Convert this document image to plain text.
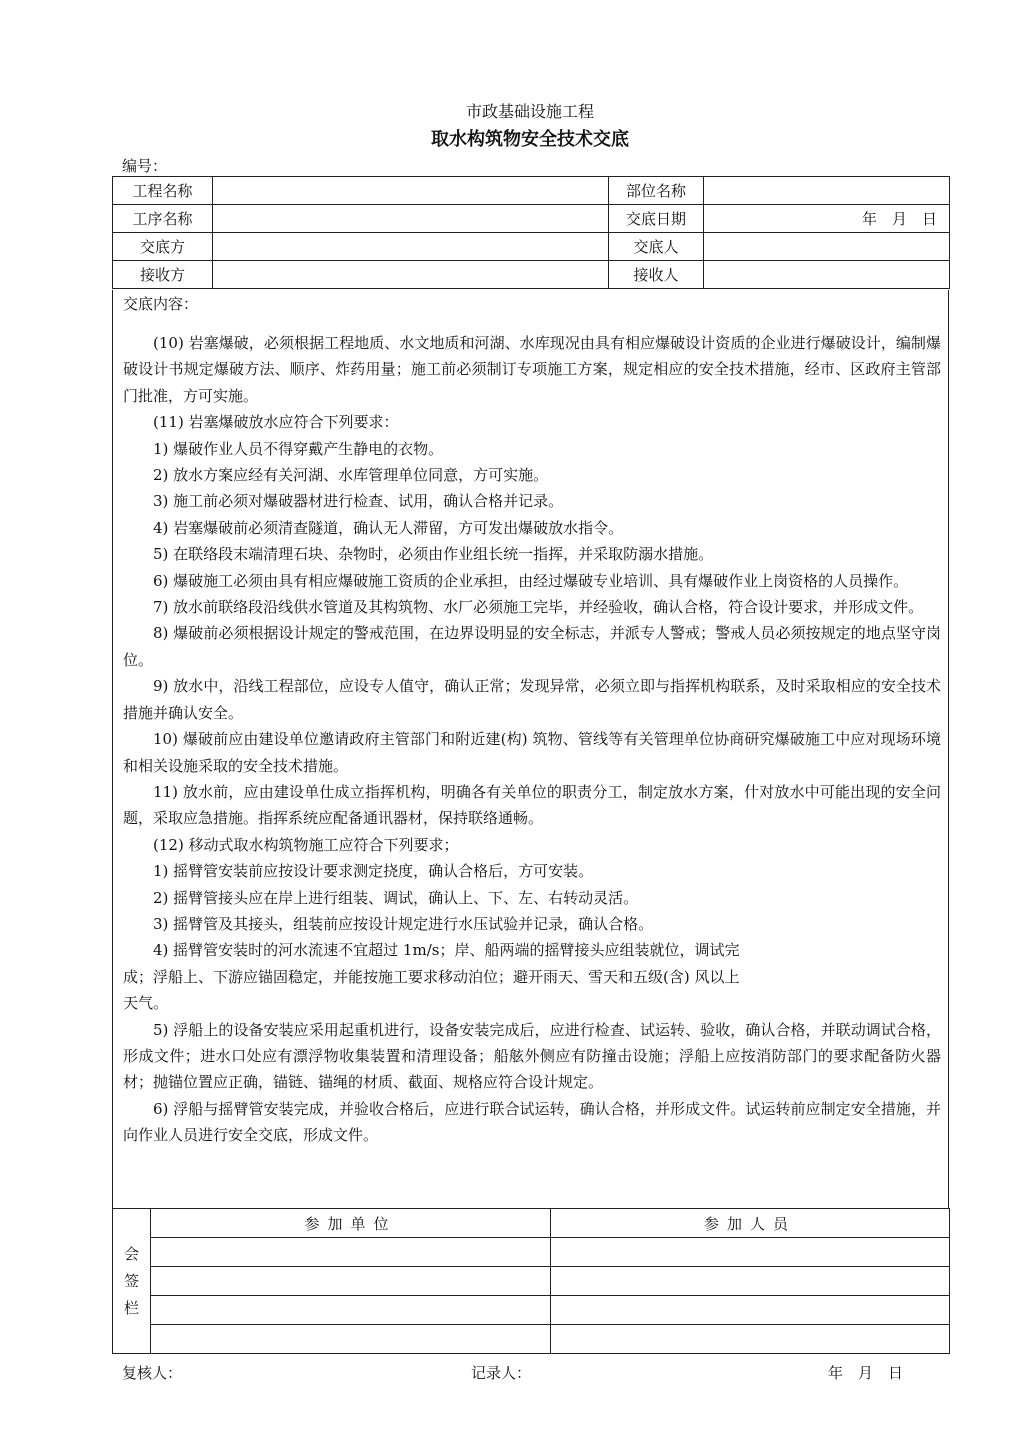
市政基础设施工程
取水构筑物安全技术交底
编号：
工程名称		部位名称	
工序名称		交底日期	年　月　日
交底方		交底人	
接收方		接收人	
交底内容：

(10) 岩塞爆破，必须根据工程地质、水文地质和河湖、水库现况由具有相应爆破设计资质的企业进行爆破设计，编制爆破设计书规定爆破方法、顺序、炸药用量；施工前必须制订专项施工方案，规定相应的安全技术措施，经市、区政府主管部门批准，方可实施。

(11) 岩塞爆破放水应符合下列要求：

1) 爆破作业人员不得穿戴产生静电的衣物。

2) 放水方案应经有关河湖、水库管理单位同意，方可实施。

3) 施工前必须对爆破器材进行检查、试用，确认合格并记录。

4) 岩塞爆破前必须清查隧道，确认无人滞留，方可发出爆破放水指令。

5) 在联络段末端清理石块、杂物时，必须由作业组长统一指挥，并采取防溺水措施。

6) 爆破施工必须由具有相应爆破施工资质的企业承担，由经过爆破专业培训、具有爆破作业上岗资格的人员操作。

7) 放水前联络段沿线供水管道及其构筑物、水厂必须施工完毕，并经验收，确认合格，符合设计要求，并形成文件。

8) 爆破前必须根据设计规定的警戒范围，在边界设明显的安全标志，并派专人警戒；警戒人员必须按规定的地点坚守岗位。

9) 放水中，沿线工程部位，应设专人值守，确认正常；发现异常，必须立即与指挥机构联系，及时采取相应的安全技术措施并确认安全。

10) 爆破前应由建设单位邀请政府主管部门和附近建(构) 筑物、管线等有关管理单位协商研究爆破施工中应对现场环境和相关设施采取的安全技术措施。

11) 放水前，应由建设单仕成立指挥机构，明确各有关单位的职责分工，制定放水方案，什对放水中可能出现的安全问题，采取应急措施。指挥系统应配备通讯器材，保持联络通畅。

(12) 移动式取水构筑物施工应符合下列要求；

1) 摇臂管安装前应按设计要求测定挠度，确认合格后，方可安装。

2) 摇臂管接头应在岸上进行组装、调试，确认上、下、左、右转动灵活。

3) 摇臂管及其接头，组装前应按设计规定进行水压试验并记录，确认合格。

4) 摇臂管安装时的河水流速不宜超过 1m/s；岸、船两端的摇臂接头应组装就位，调试完

成；浮船上、下游应锚固稳定，并能按施工要求移动泊位；避开雨天、雪天和五级(含) 风以上

天气。

5) 浮船上的设备安装应采用起重机进行，设备安装完成后，应进行检查、试运转、验收，确认合格，并联动调试合格，形成文件；进水口处应有漂浮物收集装置和清理设备；船舷外侧应有防撞击设施；浮船上应按消防部门的要求配备防火器材；抛锚位置应正确，锚链、锚绳的材质、截面、规格应符合设计规定。

6) 浮船与摇臂管安装完成，并验收合格后，应进行联合试运转，确认合格，并形成文件。试运转前应制定安全措施，并向作业人员进行安全交底，形成文件。

会
签
栏	参加单位	参加人员

复核人：	记录人：	年　月　日
